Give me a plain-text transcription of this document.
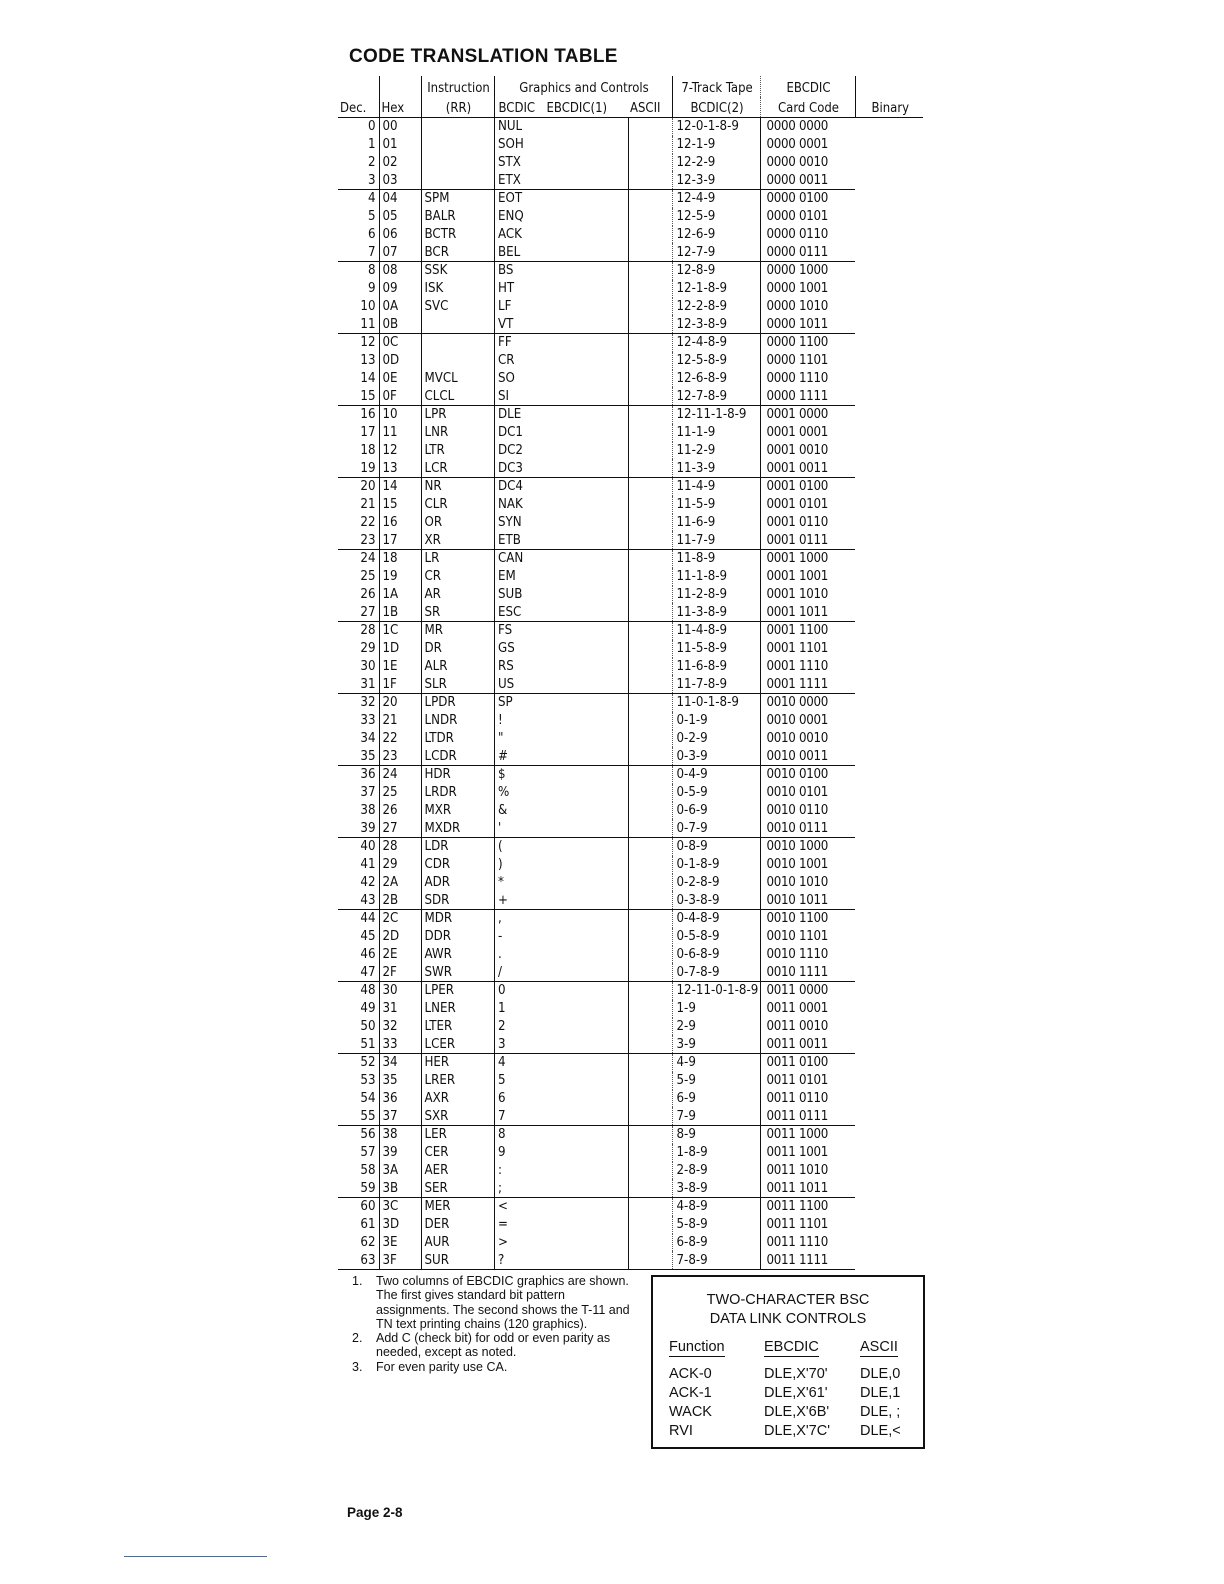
CODE TRANSLATION TABLE
		Instruction	Graphics and Controls		7-Track Tape	EBCDIC	
Dec.	Hex	(RR)	BCDIC EBCDIC(1)	ASCII	BCDIC(2)	Card Code	Binary
0	00			NUL		12-0-1-8-9	0000 0000	
1	01			SOH		12-1-9	0000 0001	
2	02			STX		12-2-9	0000 0010	
3	03			ETX		12-3-9	0000 0011	
4	04	SPM		EOT		12-4-9	0000 0100	
5	05	BALR		ENQ		12-5-9	0000 0101	
6	06	BCTR		ACK		12-6-9	0000 0110	
7	07	BCR		BEL		12-7-9	0000 0111	
8	08	SSK		BS		12-8-9	0000 1000	
9	09	ISK		HT		12-1-8-9	0000 1001	
10	0A	SVC		LF		12-2-8-9	0000 1010	
11	0B			VT		12-3-8-9	0000 1011	
12	0C			FF		12-4-8-9	0000 1100	
13	0D			CR		12-5-8-9	0000 1101	
14	0E	MVCL		SO		12-6-8-9	0000 1110	
15	0F	CLCL		SI		12-7-8-9	0000 1111	
16	10	LPR		DLE		12-11-1-8-9	0001 0000	
17	11	LNR		DC1		11-1-9	0001 0001	
18	12	LTR		DC2		11-2-9	0001 0010	
19	13	LCR		DC3		11-3-9	0001 0011	
20	14	NR		DC4		11-4-9	0001 0100	
21	15	CLR		NAK		11-5-9	0001 0101	
22	16	OR		SYN		11-6-9	0001 0110	
23	17	XR		ETB		11-7-9	0001 0111	
24	18	LR		CAN		11-8-9	0001 1000	
25	19	CR		EM		11-1-8-9	0001 1001	
26	1A	AR		SUB		11-2-8-9	0001 1010	
27	1B	SR		ESC		11-3-8-9	0001 1011	
28	1C	MR		FS		11-4-8-9	0001 1100	
29	1D	DR		GS		11-5-8-9	0001 1101	
30	1E	ALR		RS		11-6-8-9	0001 1110	
31	1F	SLR		US		11-7-8-9	0001 1111	
32	20	LPDR		SP		11-0-1-8-9	0010 0000	
33	21	LNDR		!		0-1-9	0010 0001	
34	22	LTDR		"		0-2-9	0010 0010	
35	23	LCDR		#		0-3-9	0010 0011	
36	24	HDR		$		0-4-9	0010 0100	
37	25	LRDR		%		0-5-9	0010 0101	
38	26	MXR		&		0-6-9	0010 0110	
39	27	MXDR		'		0-7-9	0010 0111	
40	28	LDR		(		0-8-9	0010 1000	
41	29	CDR		)		0-1-8-9	0010 1001	
42	2A	ADR		*		0-2-8-9	0010 1010	
43	2B	SDR		+		0-3-8-9	0010 1011	
44	2C	MDR		,		0-4-8-9	0010 1100	
45	2D	DDR		-		0-5-8-9	0010 1101	
46	2E	AWR		.		0-6-8-9	0010 1110	
47	2F	SWR		/		0-7-8-9	0010 1111	
48	30	LPER		0		12-11-0-1-8-9	0011 0000	
49	31	LNER		1		1-9	0011 0001	
50	32	LTER		2		2-9	0011 0010	
51	33	LCER		3		3-9	0011 0011	
52	34	HER		4		4-9	0011 0100	
53	35	LRER		5		5-9	0011 0101	
54	36	AXR		6		6-9	0011 0110	
55	37	SXR		7		7-9	0011 0111	
56	38	LER		8		8-9	0011 1000	
57	39	CER		9		1-8-9	0011 1001	
58	3A	AER		:		2-8-9	0011 1010	
59	3B	SER		;		3-8-9	0011 1011	
60	3C	MER		<		4-8-9	0011 1100	
61	3D	DER		=		5-8-9	0011 1101	
62	3E	AUR		>		6-8-9	0011 1110	
63	3F	SUR		?		7-8-9	0011 1111	
1. Two columns of EBCDIC graphics are shown. The first gives standard bit pattern assignments. The second shows the T-11 and TN text printing chains (120 graphics).
2. Add C (check bit) for odd or even parity as needed, except as noted.
3. For even parity use CA.
TWO-CHARACTER BSC
DATA LINK CONTROLS
Function	EBCDIC	ASCII

ACK-0	DLE,X'70'	DLE,0
ACK-1	DLE,X'61'	DLE,1
WACK	DLE,X'6B'	DLE, ;
RVI	DLE,X'7C'	DLE,<
Page 2-8
